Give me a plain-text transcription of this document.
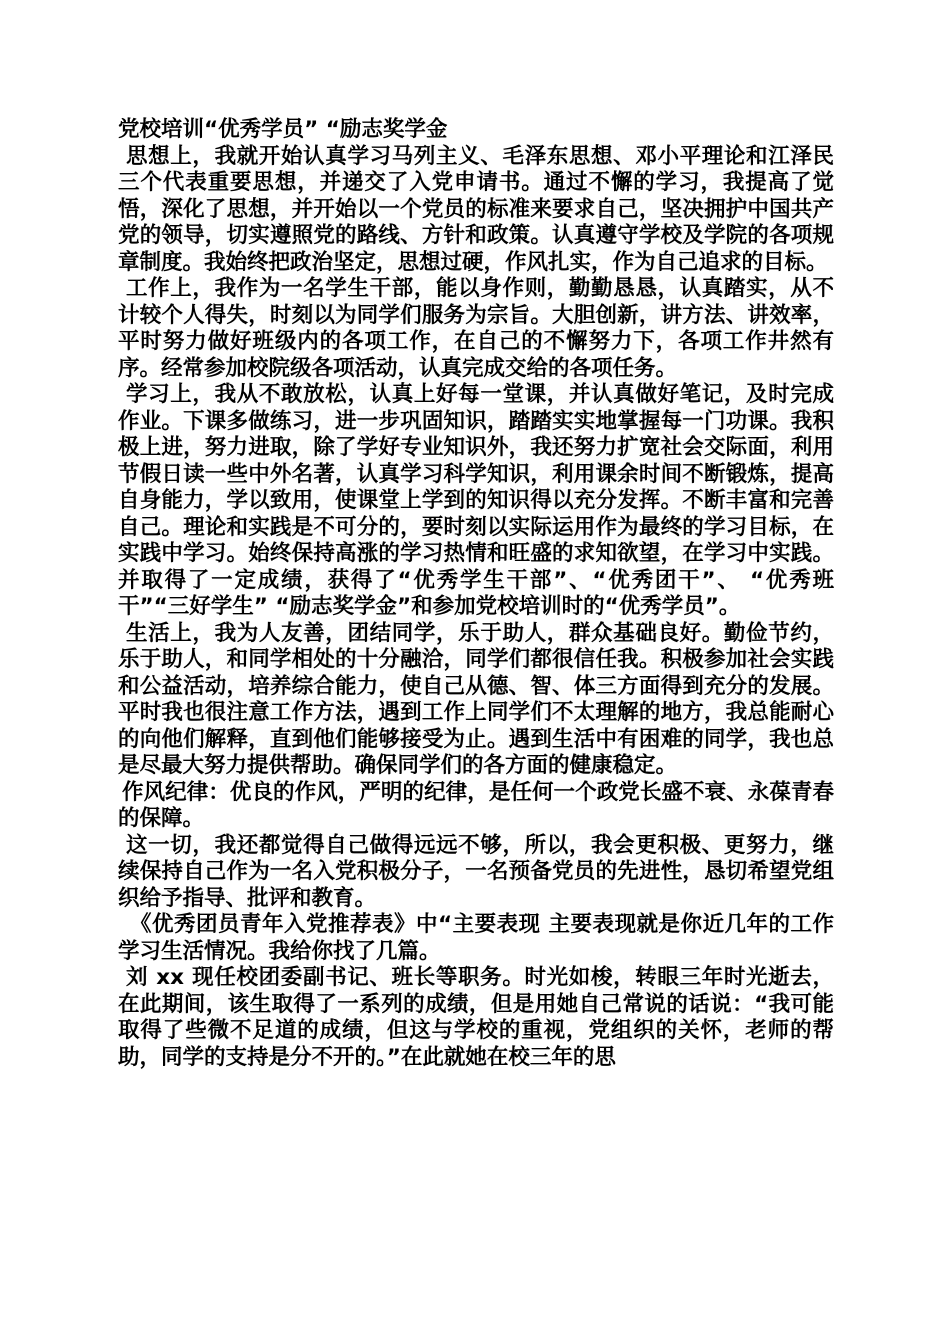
党校培训“优秀学员” “励志奖学金

思想上，我就开始认真学习马列主义、毛泽东思想、邓小平理论和江泽民三个代表重要思想，并递交了入党申请书。通过不懈的学习，我提高了觉悟，深化了思想，并开始以一个党员的标准来要求自己，坚决拥护中国共产党的领导，切实遵照党的路线、方针和政策。认真遵守学校及学院的各项规章制度。我始终把政治坚定，思想过硬，作风扎实，作为自己追求的目标。

工作上，我作为一名学生干部，能以身作则，勤勤恳恳，认真踏实，从不计较个人得失，时刻以为同学们服务为宗旨。大胆创新，讲方法、讲效率，平时努力做好班级内的各项工作，在自己的不懈努力下，各项工作井然有序。经常参加校院级各项活动，认真完成交给的各项任务。

学习上，我从不敢放松，认真上好每一堂课，并认真做好笔记，及时完成作业。下课多做练习，进一步巩固知识，踏踏实实地掌握每一门功课。我积极上进，努力进取，除了学好专业知识外，我还努力扩宽社会交际面，利用节假日读一些中外名著，认真学习科学知识，利用课余时间不断锻炼，提高自身能力，学以致用，使课堂上学到的知识得以充分发挥。不断丰富和完善自己。理论和实践是不可分的，要时刻以实际运用作为最终的学习目标，在实践中学习。始终保持高涨的学习热情和旺盛的求知欲望，在学习中实践。并取得了一定成绩，获得了“优秀学生干部”、“优秀团干”、 “优秀班干”“三好学生” “励志奖学金”和参加党校培训时的“优秀学员”。

生活上，我为人友善，团结同学，乐于助人，群众基础良好。勤俭节约，乐于助人，和同学相处的十分融洽，同学们都很信任我。积极参加社会实践和公益活动，培养综合能力，使自己从德、智、体三方面得到充分的发展。平时我也很注意工作方法，遇到工作上同学们不太理解的地方，我总能耐心的向他们解释，直到他们能够接受为止。遇到生活中有困难的同学，我也总是尽最大努力提供帮助。确保同学们的各方面的健康稳定。

作风纪律：优良的作风，严明的纪律，是任何一个政党长盛不衰、永葆青春的保障。

这一切，我还都觉得自己做得远远不够，所以，我会更积极、更努力，继续保持自己作为一名入党积极分子，一名预备党员的先进性，恳切希望党组织给予指导、批评和教育。

《优秀团员青年入党推荐表》中“主要表现 主要表现就是你近几年的工作学习生活情况。我给你找了几篇。

刘 xx 现任校团委副书记、班长等职务。时光如梭，转眼三年时光逝去，在此期间，该生取得了一系列的成绩，但是用她自己常说的话说：“我可能取得了些微不足道的成绩，但这与学校的重视，党组织的关怀，老师的帮助，同学的支持是分不开的。”在此就她在校三年的思
